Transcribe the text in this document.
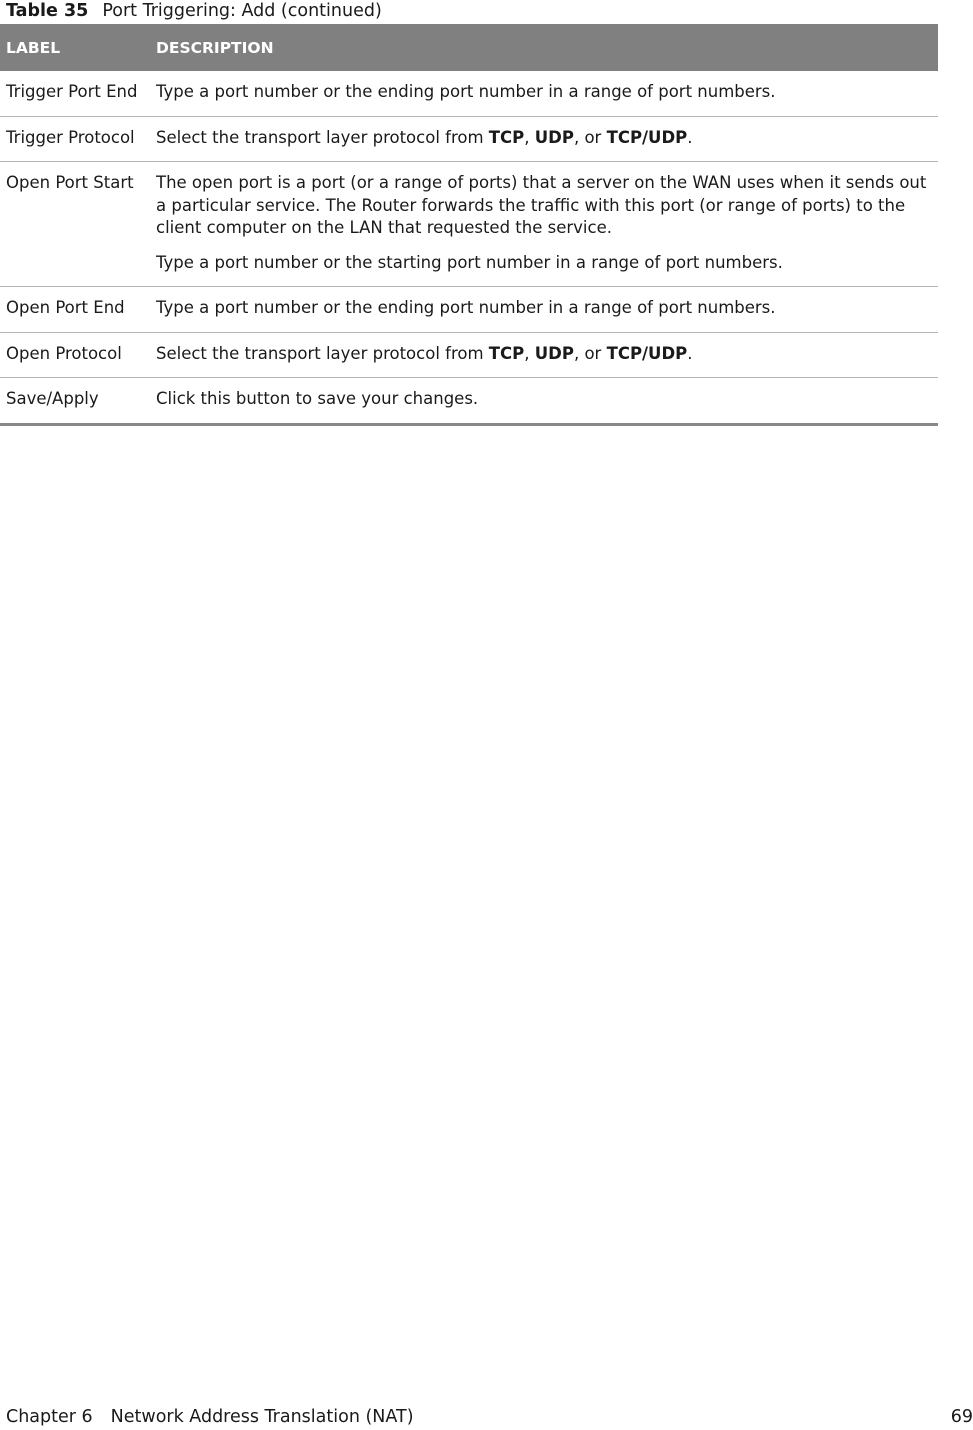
Table 35 Port Triggering: Add (continued)
LABEL	DESCRIPTION
Trigger Port End	Type a port number or the ending port number in a range of port numbers.
Trigger Protocol	Select the transport layer protocol from TCP, UDP, or TCP/UDP.
Open Port Start	The open port is a port (or a range of ports) that a server on the WAN uses when it sends out a particular service. The Router forwards the traffic with this port (or range of ports) to the client computer on the LAN that requested the service.

Type a port number or the starting port number in a range of port numbers.

Open Port End	Type a port number or the ending port number in a range of port numbers.
Open Protocol	Select the transport layer protocol from TCP, UDP, or TCP/UDP.
Save/Apply	Click this button to save your changes.
Chapter 6 Network Address Translation (NAT)	69
